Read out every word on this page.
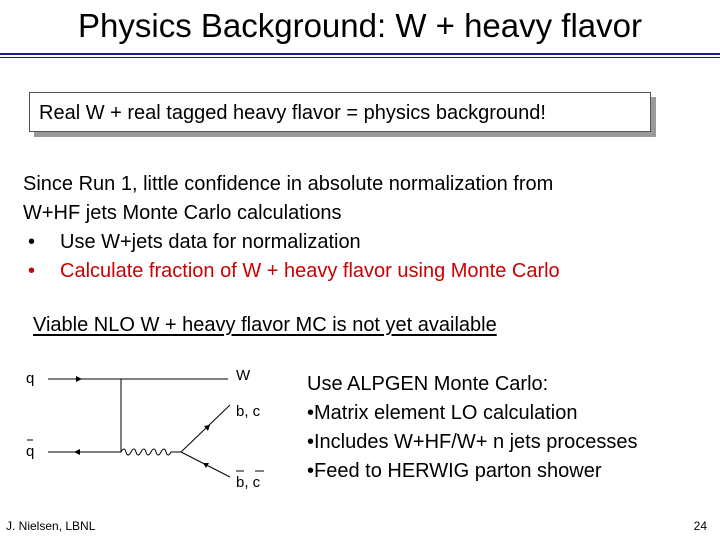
Physics Background: W + heavy flavor
Real W + real tagged heavy flavor = physics background!
Since Run 1, little confidence in absolute normalization from
W+HF jets Monte Carlo calculations
•	Use W+jets data for normalization
•	Calculate fraction of W + heavy flavor using Monte Carlo
Viable NLO W + heavy flavor MC is not yet available
q
q
W
b, c
b, c
Use ALPGEN Monte Carlo:
•Matrix element LO calculation
•Includes W+HF/W+ n jets processes
•Feed to HERWIG parton shower
J. Nielsen, LBNL	24
